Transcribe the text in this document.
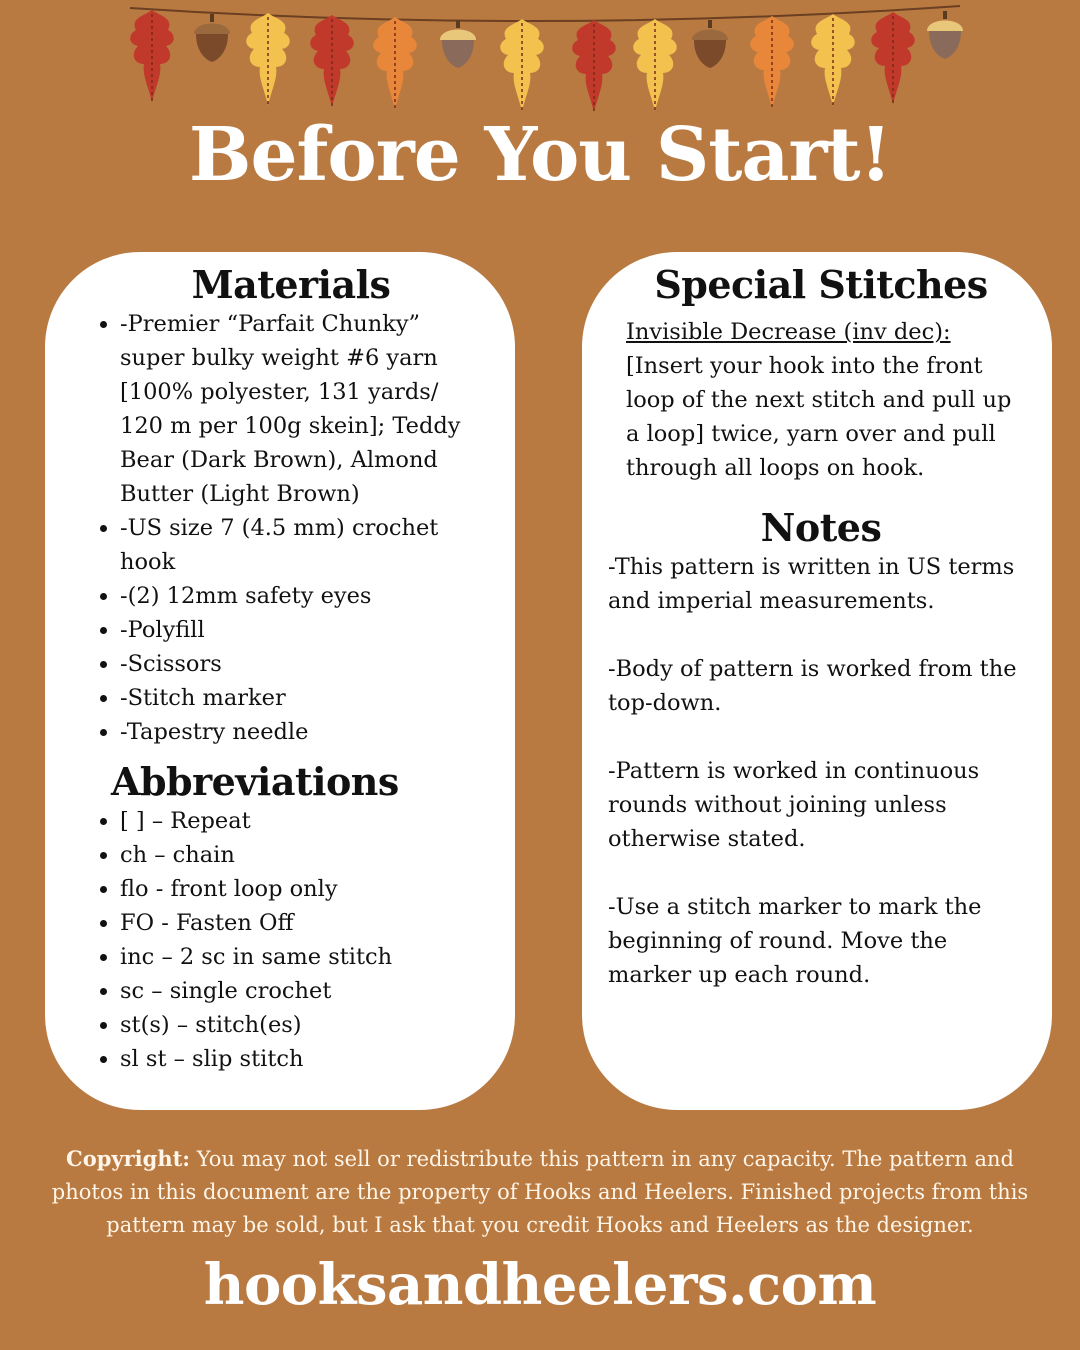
Before You Start!
Materials
• -Premier “Parfait Chunky” super bulky weight #6 yarn [100% polyester, 131 yards/ 120 m per 100g skein]; Teddy Bear (Dark Brown), Almond Butter (Light Brown)
• -US size 7 (4.5 mm) crochet hook
• -(2) 12mm safety eyes
• -Polyfill
• -Scissors
• -Stitch marker
• -Tapestry needle
Abbreviations
• [ ] – Repeat
• ch – chain
• flo - front loop only
• FO - Fasten Off
• inc – 2 sc in same stitch
• sc – single crochet
• st(s) – stitch(es)
• sl st – slip stitch
Special Stitches
Invisible Decrease (inv dec):
[Insert your hook into the front loop of the next stitch and pull up a loop] twice, yarn over and pull through all loops on hook.
Notes

-This pattern is written in US terms and imperial measurements.

-Body of pattern is worked from the top-down.

-Pattern is worked in continuous rounds without joining unless otherwise stated.

-Use a stitch marker to mark the beginning of round. Move the marker up each round.

Copyright: You may not sell or redistribute this pattern in any capacity. The pattern and photos in this document are the property of Hooks and Heelers. Finished projects from this pattern may be sold, but I ask that you credit Hooks and Heelers as the designer.
hooksandheelers.com
